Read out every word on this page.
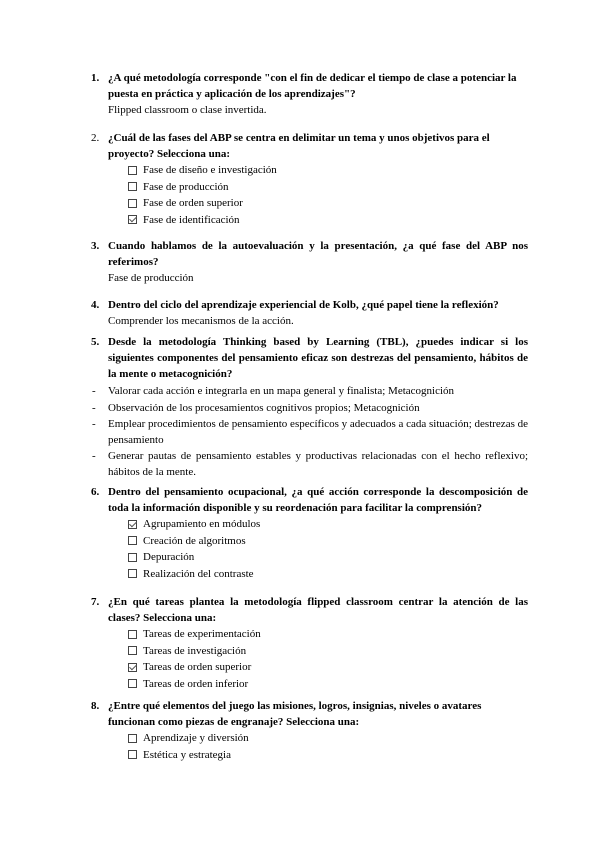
1. ¿A qué metodología corresponde "con el fin de dedicar el tiempo de clase a potenciar la puesta en práctica y aplicación de los aprendizajes"?
Flipped classroom o clase invertida.
2. ¿Cuál de las fases del ABP se centra en delimitar un tema y unos objetivos para el proyecto? Selecciona una:
Fase de diseño e investigación
Fase de producción
Fase de orden superior
Fase de identificación
3. Cuando hablamos de la autoevaluación y la presentación, ¿a qué fase del ABP nos referimos?
Fase de producción
4. Dentro del ciclo del aprendizaje experiencial de Kolb, ¿qué papel tiene la reflexión?
Comprender los mecanismos de la acción.
5. Desde la metodología Thinking based by Learning (TBL), ¿puedes indicar si los siguientes componentes del pensamiento eficaz son destrezas del pensamiento, hábitos de la mente o metacognición?
- Valorar cada acción e integrarla en un mapa general y finalista; Metacognición
- Observación de los procesamientos cognitivos propios; Metacognición
- Emplear procedimientos de pensamiento específicos y adecuados a cada situación; destrezas de pensamiento
- Generar pautas de pensamiento estables y productivas relacionadas con el hecho reflexivo; hábitos de la mente.
6. Dentro del pensamiento ocupacional, ¿a qué acción corresponde la descomposición de toda la información disponible y su reordenación para facilitar la comprensión?
Agrupamiento en módulos
Creación de algoritmos
Depuración
Realización del contraste
7. ¿En qué tareas plantea la metodología flipped classroom centrar la atención de las clases? Selecciona una:
Tareas de experimentación
Tareas de investigación
Tareas de orden superior
Tareas de orden inferior
8. ¿Entre qué elementos del juego las misiones, logros, insignias, niveles o avatares funcionan como piezas de engranaje? Selecciona una:
Aprendizaje y diversión
Estética y estrategia
